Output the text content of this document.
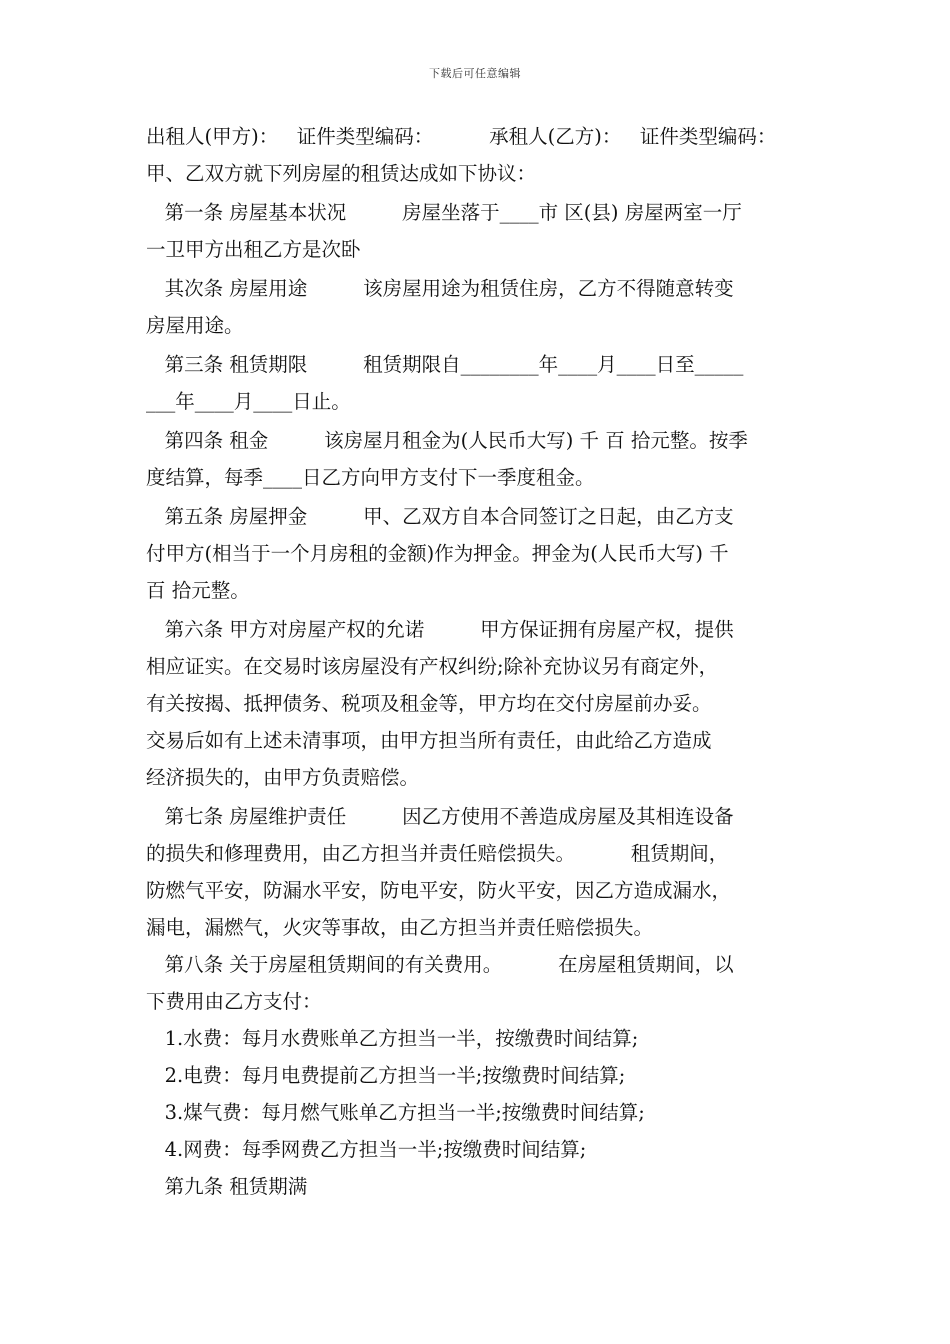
下载后可任意编辑
出租人(甲方)：   证件类型编码：         承租人(乙方)：   证件类型编码：
甲、乙双方就下列房屋的租赁达成如下协议：
第一条 房屋基本状况         房屋坐落于____市 区(县) 房屋两室一厅
一卫甲方出租乙方是次卧
其次条 房屋用途         该房屋用途为租赁住房，乙方不得随意转变
房屋用途。
第三条 租赁期限         租赁期限自________年____月____日至_____
___年____月____日止。
第四条 租金         该房屋月租金为(人民币大写) 千 百 拾元整。按季
度结算，每季____日乙方向甲方支付下一季度租金。
第五条 房屋押金         甲、乙双方自本合同签订之日起，由乙方支
付甲方(相当于一个月房租的金额)作为押金。押金为(人民币大写) 千
百 拾元整。
第六条 甲方对房屋产权的允诺         甲方保证拥有房屋产权，提供
相应证实。在交易时该房屋没有产权纠纷;除补充协议另有商定外，
有关按揭、抵押债务、税项及租金等，甲方均在交付房屋前办妥。
交易后如有上述未清事项，由甲方担当所有责任，由此给乙方造成
经济损失的，由甲方负责赔偿。
第七条 房屋维护责任         因乙方使用不善造成房屋及其相连设备
的损失和修理费用，由乙方担当并责任赔偿损失。         租赁期间，
防燃气平安，防漏水平安，防电平安，防火平安，因乙方造成漏水，
漏电，漏燃气，火灾等事故，由乙方担当并责任赔偿损失。
第八条 关于房屋租赁期间的有关费用。         在房屋租赁期间，以
下费用由乙方支付：
1.水费：每月水费账单乙方担当一半，按缴费时间结算;
2.电费：每月电费提前乙方担当一半;按缴费时间结算;
3.煤气费：每月燃气账单乙方担当一半;按缴费时间结算;
4.网费：每季网费乙方担当一半;按缴费时间结算;
第九条 租赁期满
